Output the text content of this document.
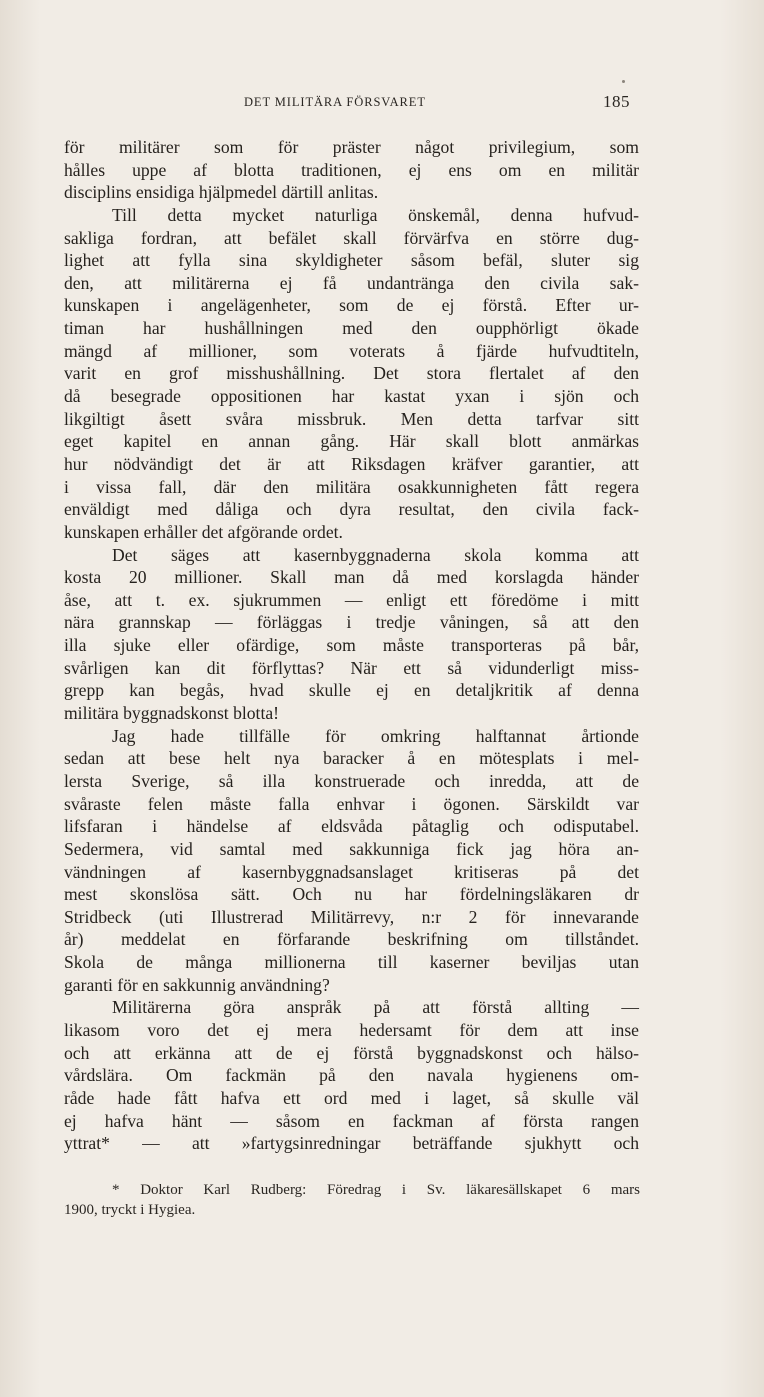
DET MILITÄRA FÖRSVARET	185
för militärer som för präster något privilegium, som
hålles uppe af blotta traditionen, ej ens om en militär
disciplins ensidiga hjälpmedel därtill anlitas.
Till detta mycket naturliga önskemål, denna hufvud-
sakliga fordran, att befälet skall förvärfva en större dug-
lighet att fylla sina skyldigheter såsom befäl, sluter sig
den, att militärerna ej få undantränga den civila sak-
kunskapen i angelägenheter, som de ej förstå. Efter ur-
timan har hushållningen med den oupphörligt ökade
mängd af millioner, som voterats å fjärde hufvudtiteln,
varit en grof misshushållning. Det stora flertalet af den
då besegrade oppositionen har kastat yxan i sjön och
likgiltigt åsett svåra missbruk. Men detta tarfvar sitt
eget kapitel en annan gång. Här skall blott anmärkas
hur nödvändigt det är att Riksdagen kräfver garantier, att
i vissa fall, där den militära osakkunnigheten fått regera
enväldigt med dåliga och dyra resultat, den civila fack-
kunskapen erhåller det afgörande ordet.
Det säges att kasernbyggnaderna skola komma att
kosta 20 millioner. Skall man då med korslagda händer
åse, att t. ex. sjukrummen — enligt ett föredöme i mitt
nära grannskap — förläggas i tredje våningen, så att den
illa sjuke eller ofärdige, som måste transporteras på bår,
svårligen kan dit förflyttas? När ett så vidunderligt miss-
grepp kan begås, hvad skulle ej en detaljkritik af denna
militära byggnadskonst blotta!
Jag hade tillfälle för omkring halftannat årtionde
sedan att bese helt nya baracker å en mötesplats i mel-
lersta Sverige, så illa konstruerade och inredda, att de
svåraste felen måste falla enhvar i ögonen. Särskildt var
lifsfaran i händelse af eldsvåda påtaglig och odisputabel.
Sedermera, vid samtal med sakkunniga fick jag höra an-
vändningen af kasernbyggnadsanslaget kritiseras på det
mest skonslösa sätt. Och nu har fördelningsläkaren dr
Stridbeck (uti Illustrerad Militärrevy, n:r 2 för innevarande
år) meddelat en förfarande beskrifning om tillståndet.
Skola de många millionerna till kaserner beviljas utan
garanti för en sakkunnig användning?
Militärerna göra anspråk på att förstå allting —
likasom voro det ej mera hedersamt för dem att inse
och att erkänna att de ej förstå byggnadskonst och hälso-
vårdslära. Om fackmän på den navala hygienens om-
råde hade fått hafva ett ord med i laget, så skulle väl
ej hafva hänt — såsom en fackman af första rangen
yttrat* — att »fartygsinredningar beträffande sjukhytt och
* Doktor Karl Rudberg: Föredrag i Sv. läkaresällskapet 6 mars
1900, tryckt i Hygiea.
